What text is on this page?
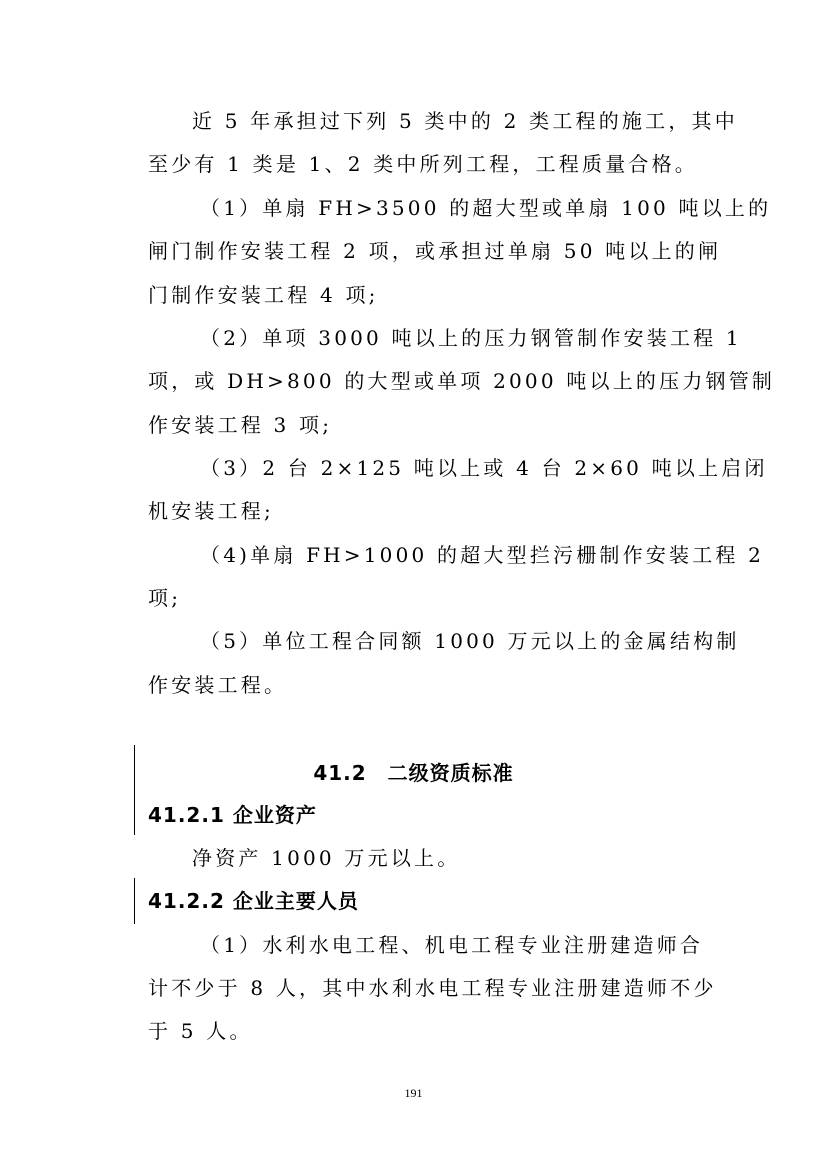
近 5 年承担过下列 5 类中的 2 类工程的施工，其中
至少有 1 类是 1、2 类中所列工程，工程质量合格。
（1）单扇 FH>3500 的超大型或单扇 100 吨以上的
闸门制作安装工程 2 项，或承担过单扇 50 吨以上的闸
门制作安装工程 4 项;
（2）单项 3000 吨以上的压力钢管制作安装工程 1
项，或 DH>800 的大型或单项 2000 吨以上的压力钢管制
作安装工程 3 项;
（3）2 台 2×125 吨以上或 4 台 2×60 吨以上启闭
机安装工程;
（4)单扇 FH>1000 的超大型拦污栅制作安装工程 2
项;
（5）单位工程合同额 1000 万元以上的金属结构制
作安装工程。
41.2　二级资质标准
41.2.1 企业资产
净资产 1000 万元以上。
41.2.2 企业主要人员
（1）水利水电工程、机电工程专业注册建造师合
计不少于 8 人，其中水利水电工程专业注册建造师不少
于 5 人。
191
